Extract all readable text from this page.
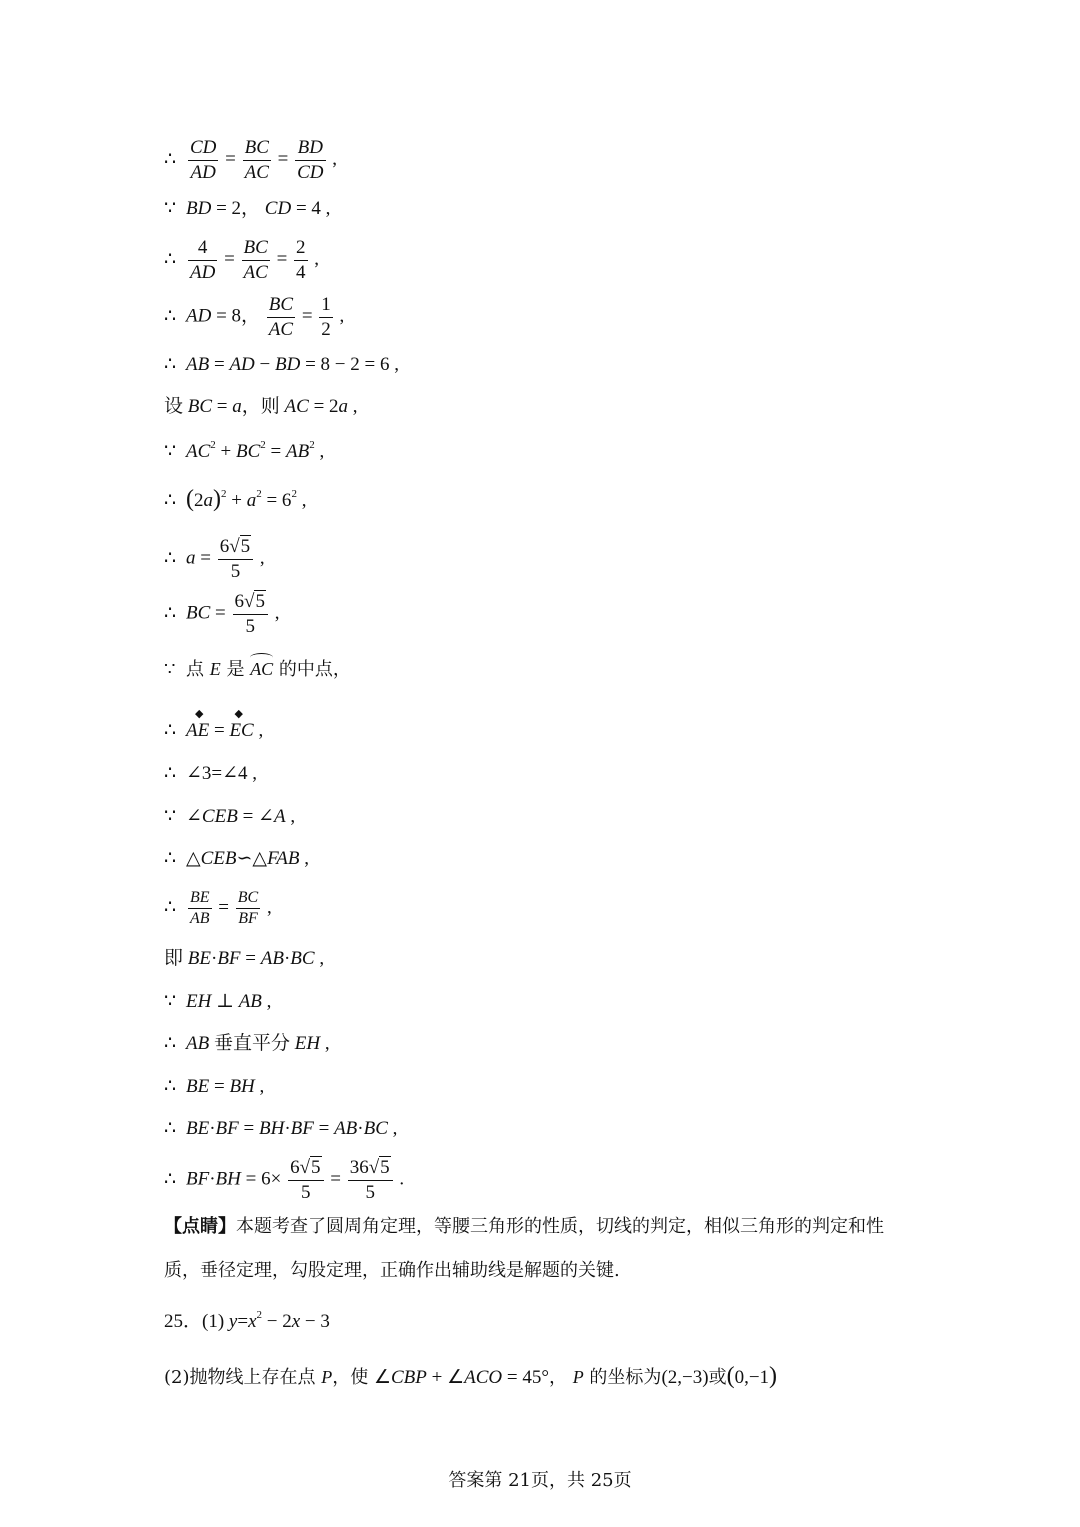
∴ $\frac{CD}{AD} = \frac{BC}{AC} = \frac{BD}{CD}$ ,
∵ BD = 2， CD = 4 ,
∴ $\frac{4}{AD} = \frac{BC}{AC} = \frac{2}{4}$ ,
∴ AD = 8， $\frac{BC}{AC} = \frac{1}{2}$ ,
∴ AB = AD − BD = 8 − 2 = 6 ,
设 BC = a，则 AC = 2a ,
∵ $AC^2 + BC^2 = AB^2$ ,
∴ $(2a)^2 + a^2 = 6^2$ ,
∴ $a = \frac{6√5}{5}$ ,
∴ BC = $\frac{6√5}{5}$ ,
∵ 点 E 是 AC 的中点，
∴
◆
AE =
◆
EC ,
∴ ∠3=∠4 ,
∵ ∠CEB = ∠A ,
∴ △CEB∽△FAB ,
∴ $\frac{BE}{AB} = \frac{BC}{BF}$ ,
即 BE·BF = AB·BC ,
∵ EH ⊥ AB ,
∴ AB 垂直平分 EH ,
∴ BE = BH ,
∴ BE·BF = BH·BF = AB·BC ,
∴ $BF\cdot BH = 6\times \frac{6√5}{5} = \frac{36√5}{5}$ .
【点睛】本题考查了圆周角定理，等腰三角形的性质，切线的判定，相似三角形的判定和性
质，垂径定理，勾股定理，正确作出辅助线是解题的关键.
25．(1) $y=x^2 - 2x - 3$
(2)抛物线上存在点 P，使 ∠CBP + ∠ACO = 45°， P 的坐标为(2,−3)或(0,−1)
答案第 21页，共 25页
